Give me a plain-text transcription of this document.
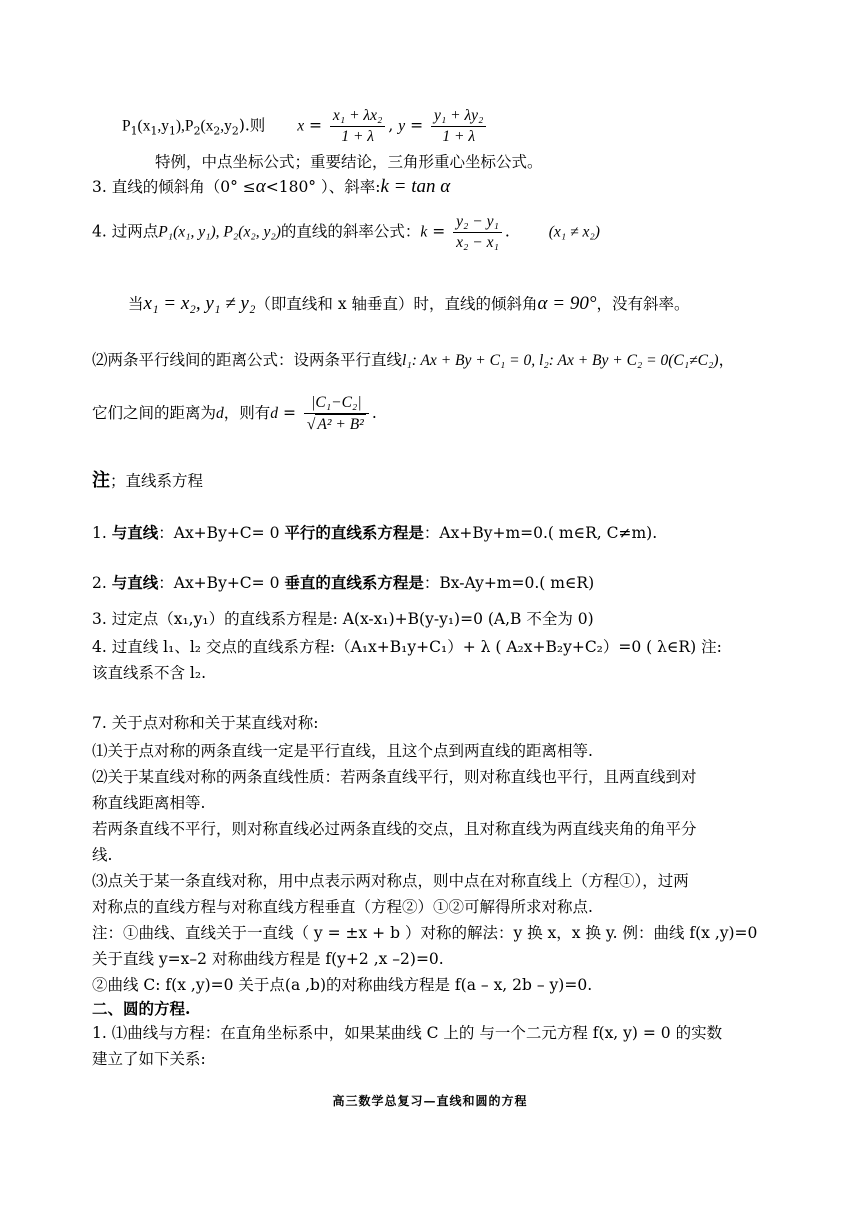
$P_1(x_1,y_1),P_2(x_2,y_2)$.则 $x = \frac{\text{x₁ + λx₂}}{1 + \lambda}$ , $y = \frac{\text{y₁ + λy₂}}{1 + \lambda}$
特例，中点坐标公式；重要结论，三角形重心坐标公式。
3. 直线的倾斜角（0° ≤α<180° ）、斜率:k = tan α
4. 过两点P₁(x₁, y₁), P₂(x₂, y₂)的直线的斜率公式：$k = \frac{\text{y₂ − y₁}}{\text{x₂ − x₁}}$ . (x₁ ≠ x₂)
当x₁ = x₂, y₁ ≠ y₂（即直线和 x 轴垂直）时，直线的倾斜角α = 90°，没有斜率。
⑵两条平行线间的距离公式：设两条平行直线l₁: Ax + By + C₁ = 0, l₂: Ax + By + C₂ = 0(C₁≠C₂)，
它们之间的距离为d，则有$d = \frac{\text{|C₁−C₂|}}{\text{√ A² + B²}}$ .
注；直线系方程
1. 与直线：Ax+By+C= 0 平行的直线系方程是：Ax+By+m=0.( m∈R, C≠m).
2. 与直线：Ax+By+C= 0 垂直的直线系方程是：Bx-Ay+m=0.( m∈R)
3. 过定点（x₁,y₁）的直线系方程是: A(x-x₁)+B(y-y₁)=0 (A,B 不全为 0)
4. 过直线 l₁、l₂ 交点的直线系方程:（A₁x+B₁y+C₁）+ λ ( A₂x+B₂y+C₂）=0 ( λ∈R) 注:
该直线系不含 l₂.
7. 关于点对称和关于某直线对称:
⑴关于点对称的两条直线一定是平行直线，且这个点到两直线的距离相等.
⑵关于某直线对称的两条直线性质：若两条直线平行，则对称直线也平行，且两直线到对
称直线距离相等.
若两条直线不平行，则对称直线必过两条直线的交点，且对称直线为两直线夹角的角平分
线.
⑶点关于某一条直线对称，用中点表示两对称点，则中点在对称直线上（方程①），过两
对称点的直线方程与对称直线方程垂直（方程②）①②可解得所求对称点.
注：①曲线、直线关于一直线（ y = ±x + b ）对称的解法：y 换 x，x 换 y. 例：曲线 f(x ,y)=0
关于直线 y=x–2 对称曲线方程是 f(y+2 ,x –2)=0.
②曲线 C: f(x ,y)=0 关于点(a ,b)的对称曲线方程是 f(a – x, 2b – y)=0.
二、圆的方程.
1. ⑴曲线与方程：在直角坐标系中，如果某曲线 C 上的 与一个二元方程 f(x, y) = 0 的实数
建立了如下关系:
高三数学总复习—直线和圆的方程
